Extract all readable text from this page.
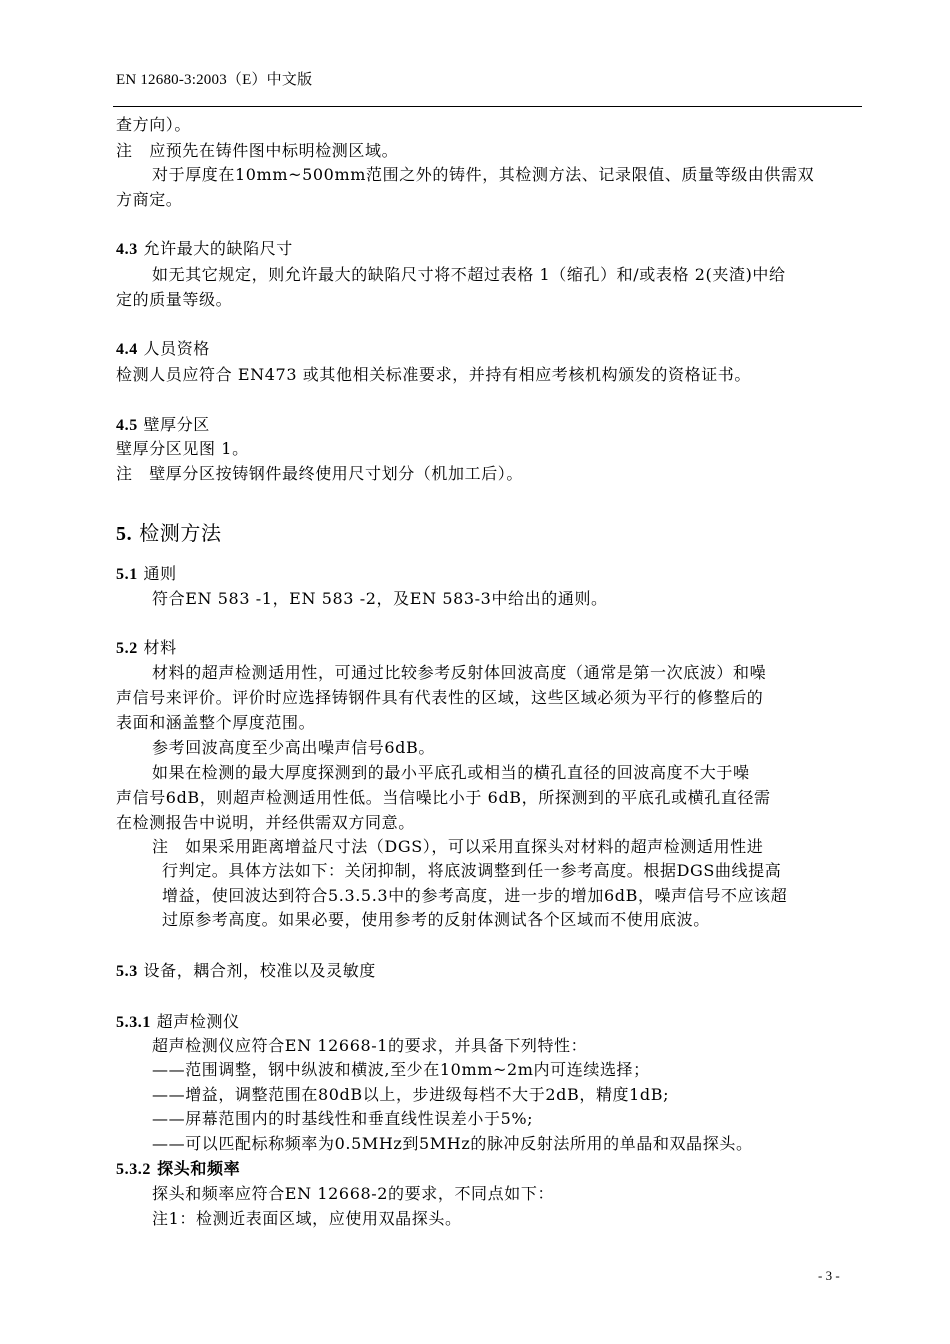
EN 12680-3:2003（E）中文版
查方向）。
注　应预先在铸件图中标明检测区域。
对于厚度在10mm~500mm范围之外的铸件，其检测方法、记录限值、质量等级由供需双
方商定。
4.3 允许最大的缺陷尺寸
如无其它规定，则允许最大的缺陷尺寸将不超过表格 1（缩孔）和/或表格 2(夹渣)中给
定的质量等级。
4.4 人员资格
检测人员应符合 EN473 或其他相关标准要求，并持有相应考核机构颁发的资格证书。
4.5 壁厚分区
壁厚分区见图 1。
注　壁厚分区按铸钢件最终使用尺寸划分（机加工后）。
5. 检测方法
5.1 通则
符合EN 583 -1，EN 583 -2，及EN 583-3中给出的通则。
5.2 材料
材料的超声检测适用性，可通过比较参考反射体回波高度（通常是第一次底波）和噪
声信号来评价。评价时应选择铸钢件具有代表性的区域，这些区域必须为平行的修整后的
表面和涵盖整个厚度范围。
参考回波高度至少高出噪声信号6dB。
如果在检测的最大厚度探测到的最小平底孔或相当的横孔直径的回波高度不大于噪
声信号6dB，则超声检测适用性低。当信噪比小于 6dB，所探测到的平底孔或横孔直径需
在检测报告中说明，并经供需双方同意。
注　如果采用距离增益尺寸法（DGS），可以采用直探头对材料的超声检测适用性进
行判定。具体方法如下：关闭抑制，将底波调整到任一参考高度。根据DGS曲线提高
增益，使回波达到符合5.3.5.3中的参考高度，进一步的增加6dB，噪声信号不应该超
过原参考高度。如果必要，使用参考的反射体测试各个区域而不使用底波。
5.3 设备，耦合剂，校准以及灵敏度
5.3.1 超声检测仪
超声检测仪应符合EN 12668-1的要求，并具备下列特性：
——范围调整，钢中纵波和横波,至少在10mm~2m内可连续选择；
——增益，调整范围在80dB以上，步进级每档不大于2dB，精度1dB;
——屏幕范围内的时基线性和垂直线性误差小于5%;
——可以匹配标称频率为0.5MHz到5MHz的脉冲反射法所用的单晶和双晶探头。
5.3.2 探头和频率
探头和频率应符合EN 12668-2的要求，不同点如下：
注1：检测近表面区域，应使用双晶探头。
- 3 -
